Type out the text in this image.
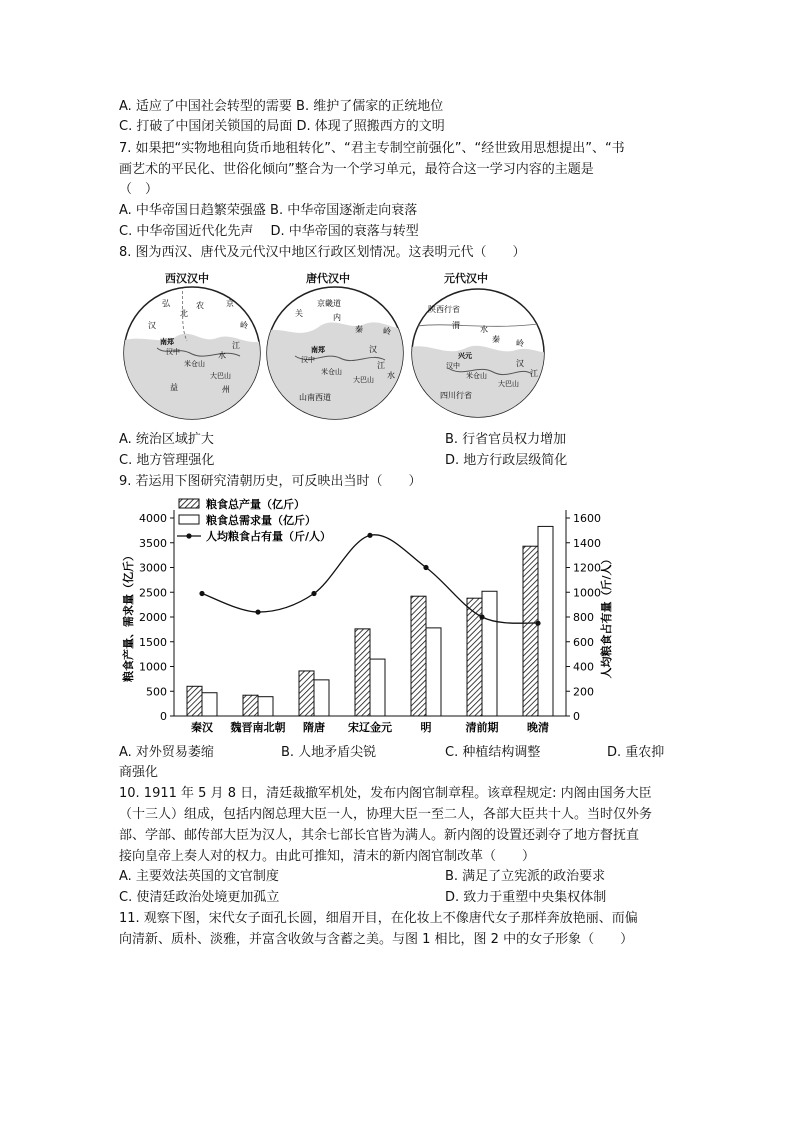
A. 适应了中国社会转型的需要 B. 维护了儒家的正统地位
C. 打破了中国闭关锁国的局面 D. 体现了照搬西方的文明
7. 如果把“实物地租向货币地租转化”、“君主专制空前强化”、“经世致用思想提出”、“书
画艺术的平民化、世俗化倾向”整合为一个学习单元，最符合这一学习内容的主题是
（　）
A. 中华帝国日趋繁荣强盛 B. 中华帝国逐渐走向衰落
C. 中华帝国近代化先声　 D. 中华帝国的衰落与转型
8. 图为西汉、唐代及元代汉中地区行政区划情况。这表明元代（　　）
西汉汉中	唐代汉中	元代汉中
弘	农
北
南郑
汉中
米仓山
大巴山
益	州
京
岭
汉
江
水
京畿道
关	内
秦	岭
南郑
汉中
米仓山
大巴山
山南西道
汉
江
水
陕西行省
秦 岭
兴元
汉中
米仓山
大巴山
四川行省
渭	水
汉
江
A. 统治区域扩大	B. 行省官员权力增加
C. 地方管理强化	D. 地方行政层级简化
9. 若运用下图研究清朝历史，可反映出当时（　　）
粮食总产量（亿斤）
粮食总需求量（亿斤）
人均粮食占有量（斤/人）
0
500
1000
1500
2000
2500
3000
3500
4000
0
200
400
600
800
1000
1200
1400
1600
秦汉 魏晋南北朝 隋唐 宋辽金元	明	清前期	晚清
粮食产量、需求量（亿斤）	人均粮食占有量（斤/人）
A. 对外贸易萎缩	B. 人地矛盾尖锐	C. 种植结构调整	D. 重农抑
商强化
10. 1911 年 5 月 8 日，清廷裁撤军机处，发布内阁官制章程。该章程规定: 内阁由国务大臣
（十三人）组成，包括内阁总理大臣一人，协理大臣一至二人，各部大臣共十人。当时仅外务
部、学部、邮传部大臣为汉人，其余七部长官皆为满人。新内阁的设置还剥夺了地方督抚直
接向皇帝上奏人对的权力。由此可推知，清末的新内阁官制改革（　　）
A. 主要效法英国的文官制度	B. 满足了立宪派的政治要求
C. 使清廷政治处境更加孤立	D. 致力于重塑中央集权体制
11. 观察下图，宋代女子面孔长圆，细眉开目，在化妆上不像唐代女子那样奔放艳丽、而偏
向清新、质朴、淡雅，并富含收敛与含蓄之美。与图 1 相比，图 2 中的女子形象（　　）
